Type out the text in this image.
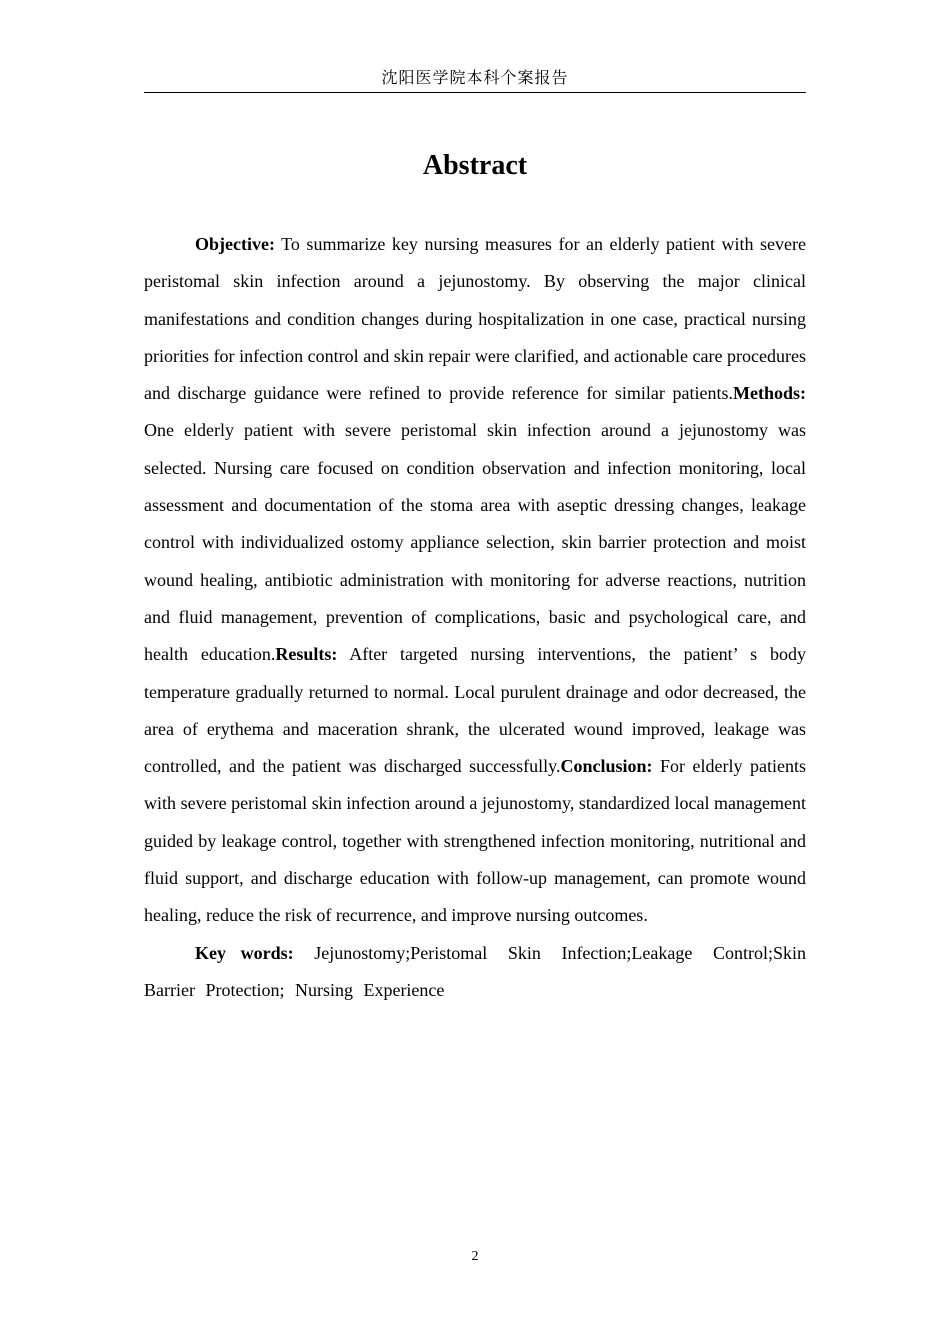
沈阳医学院本科个案报告
Abstract

Objective: To summarize key nursing measures for an elderly patient with severe peristomal skin infection around a jejunostomy. By observing the major clinical manifestations and condition changes during hospitalization in one case, practical nursing priorities for infection control and skin repair were clarified, and actionable care procedures and discharge guidance were refined to provide reference for similar patients.Methods: One elderly patient with severe peristomal skin infection around a jejunostomy was selected. Nursing care focused on condition observation and infection monitoring, local assessment and documentation of the stoma area with aseptic dressing changes, leakage control with individualized ostomy appliance selection, skin barrier protection and moist wound healing, antibiotic administration with monitoring for adverse reactions, nutrition and fluid management, prevention of complications, basic and psychological care, and health education.Results: After targeted nursing interventions, the patient’ s body temperature gradually returned to normal. Local purulent drainage and odor decreased, the area of erythema and maceration shrank, the ulcerated wound improved, leakage was controlled, and the patient was discharged successfully.Conclusion: For elderly patients with severe peristomal skin infection around a jejunostomy, standardized local management guided by leakage control, together with strengthened infection monitoring, nutritional and fluid support, and discharge education with follow-up management, can promote wound healing, reduce the risk of recurrence, and improve nursing outcomes.

Key words: Jejunostomy;Peristomal Skin Infection;Leakage Control;Skin Barrier Protection; Nursing Experience

2
